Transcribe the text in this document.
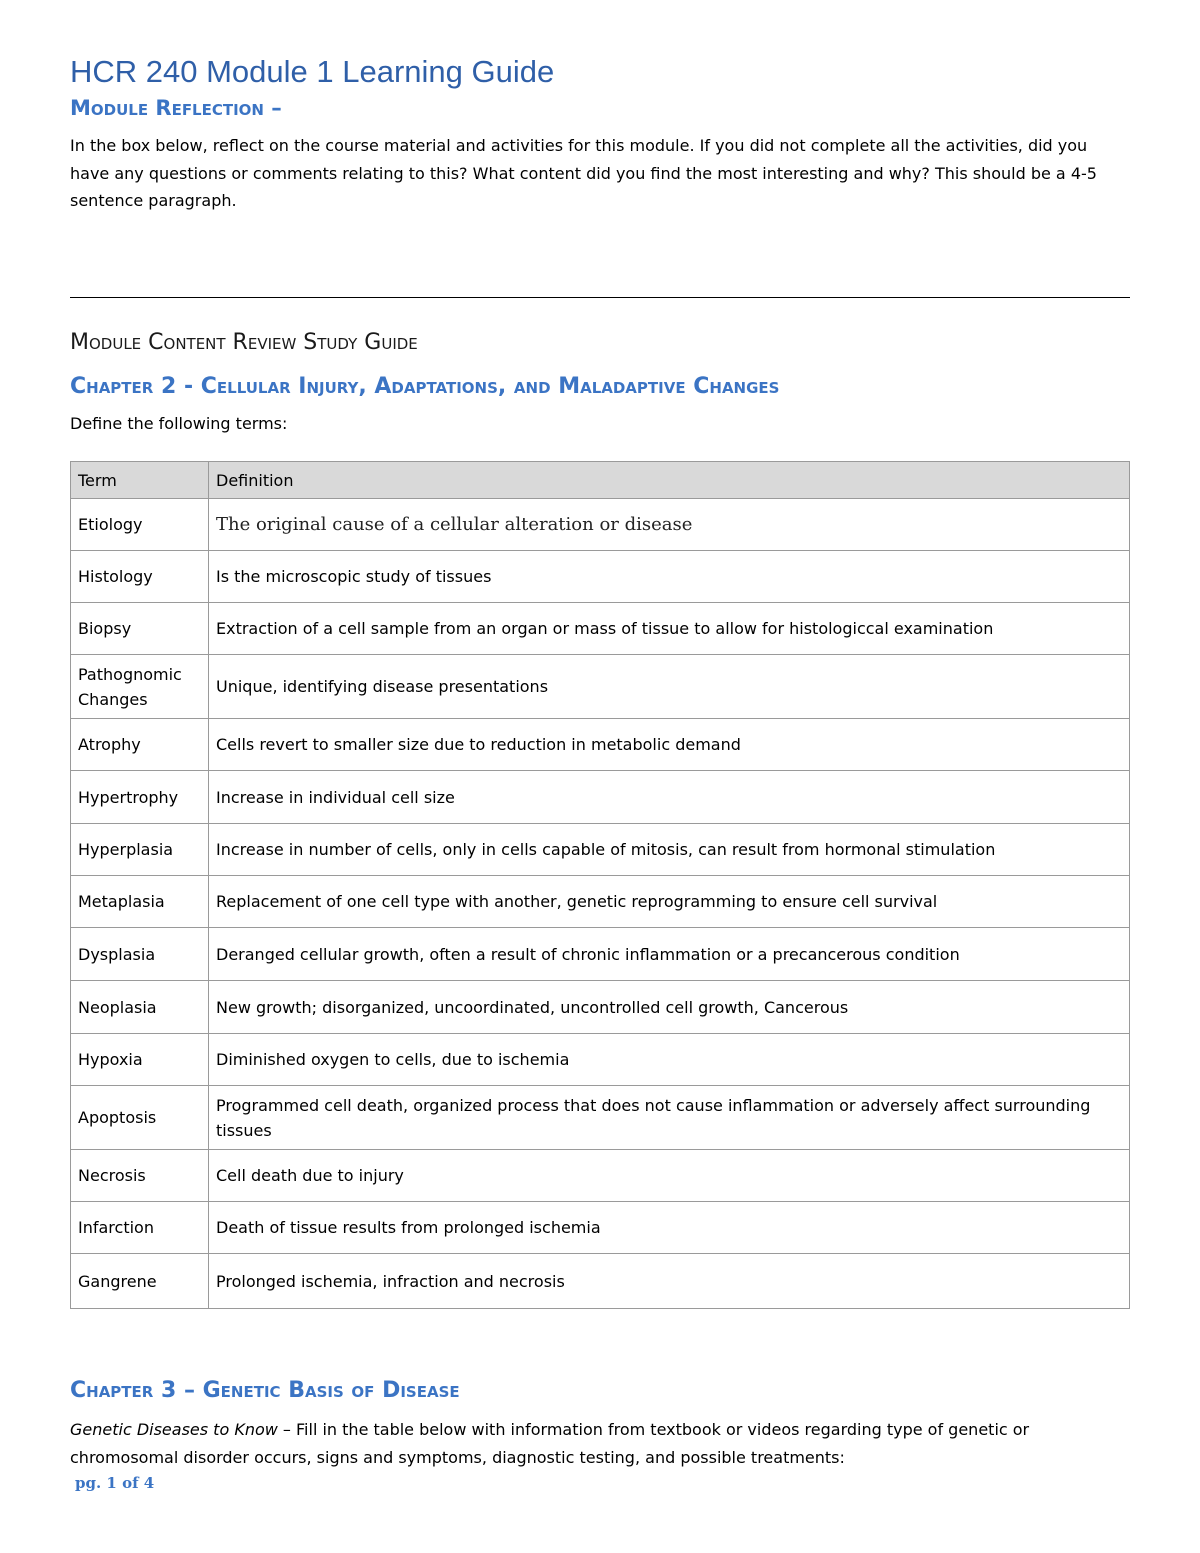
HCR 240 Module 1 Learning Guide
Module Reflection –
In the box below, reflect on the course material and activities for this module. If you did not complete all the activities, did you have any questions or comments relating to this? What content did you find the most interesting and why? This should be a 4-5 sentence paragraph.
Module Content Review Study Guide
Chapter 2 - Cellular Injury, Adaptations, and Maladaptive Changes
Define the following terms:
Term	Definition
Etiology	The original cause of a cellular alteration or disease
Histology	Is the microscopic study of tissues
Biopsy	Extraction of a cell sample from an organ or mass of tissue to allow for histologiccal examination
Pathognomic Changes	Unique, identifying disease presentations
Atrophy	Cells revert to smaller size due to reduction in metabolic demand
Hypertrophy	Increase in individual cell size
Hyperplasia	Increase in number of cells, only in cells capable of mitosis, can result from hormonal stimulation
Metaplasia	Replacement of one cell type with another, genetic reprogramming to ensure cell survival
Dysplasia	Deranged cellular growth, often a result of chronic inflammation or a precancerous condition
Neoplasia	New growth; disorganized, uncoordinated, uncontrolled cell growth, Cancerous
Hypoxia	Diminished oxygen to cells, due to ischemia
Apoptosis	Programmed cell death, organized process that does not cause inflammation or adversely affect surrounding tissues
Necrosis	Cell death due to injury
Infarction	Death of tissue results from prolonged ischemia
Gangrene	Prolonged ischemia, infraction and necrosis
Chapter 3 – Genetic Basis of Disease
Genetic Diseases to Know – Fill in the table below with information from textbook or videos regarding type of genetic or chromosomal disorder occurs, signs and symptoms, diagnostic testing, and possible treatments:
pg. 1 of 4
